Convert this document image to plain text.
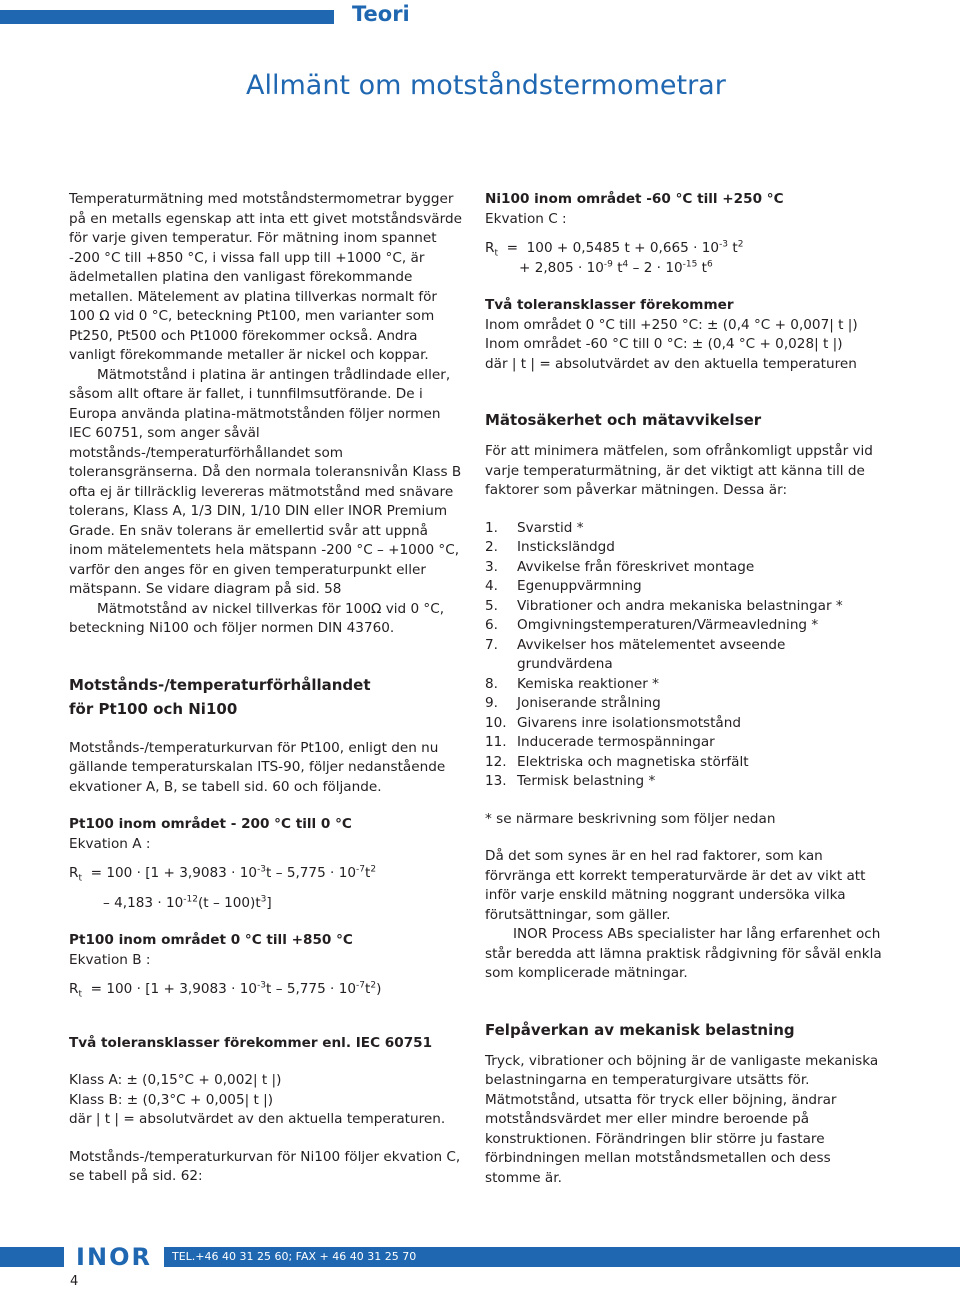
Teori
Allmänt om motståndstermometrar

Temperaturmätning med motståndstermometrar bygger på en metalls egenskap att inta ett givet motståndsvärde för varje given temperatur. För mätning inom spannet -200 °C till +850 °C, i vissa fall upp till +1000 °C, är ädelmetallen platina den vanligast förekommande metallen. Mätelement av platina tillverkas normalt för 100 Ω vid 0 °C, beteckning Pt100, men varianter som Pt250, Pt500 och Pt1000 förekommer också. Andra vanligt förekommande metaller är nickel och koppar.

Mätmotstånd i platina är antingen trådlindade eller, såsom allt oftare är fallet, i tunnfilmsutförande. De i Europa använda platina-mätmotstånden följer normen IEC 60751, som anger såväl motstånds-/temperaturförhållandet som toleransgränserna. Då den normala toleransnivån Klass B ofta ej är tillräcklig levereras mätmotstånd med snävare tolerans, Klass A, 1/3 DIN, 1/10 DIN eller INOR Premium Grade. En snäv tolerans är emellertid svår att uppnå inom mätelementets hela mätspann -200 °C – +1000 °C, varför den anges för en given temperaturpunkt eller mätspann. Se vidare diagram på sid. 58

Mätmotstånd av nickel tillverkas för 100Ω vid 0 °C, beteckning Ni100 och följer normen DIN 43760.

Motstånds-/temperaturförhållandet

för Pt100 och Ni100

Motstånds-/temperaturkurvan för Pt100, enligt den nu gällande temperaturskalan ITS-90, följer nedanstående ekvationer A, B, se tabell sid. 60 och följande.

Pt100 inom området - 200 °C till 0 °C

Ekvation A :

$R_t = 100 \cdot [1 + 3,9083 \cdot 10^{-3}t - 5,775 \cdot 10^{-7}t^2$

– $4,183 \cdot 10^{-12}(t - 100)t^3$]

Pt100 inom området 0 °C till +850 °C

Ekvation B :

$R_t = 100 \cdot [1 + 3,9083 \cdot 10^{-3}t - 5,775 \cdot 10^{-7}t^2)$

Två toleransklasser förekommer enl. IEC 60751

Klass A: ± (0,15°C + 0,002| t |)

Klass B: ± (0,3°C + 0,005| t |)

där | t | = absolutvärdet av den aktuella temperaturen.

Motstånds-/temperaturkurvan för Ni100 följer ekvation C, se tabell på sid. 62:

Ni100 inom området -60 °C till +250 °C

Ekvation C :

$R_t = 100 + 0,5485$ $t + 0,665 \cdot 10^{-3}$ $t^2$

+ $2,805 \cdot 10^{-9}$ $t^4 - 2 \cdot 10^{-15}$ $t^6$

Två toleransklasser förekommer

Inom området 0 °C till +250 °C: ± (0,4 °C + 0,007| t |)

Inom området -60 °C till 0 °C: ± (0,4 °C + 0,028| t |)

där | t | = absolutvärdet av den aktuella temperaturen

Mätosäkerhet och mätavvikelser

För att minimera mätfelen, som ofrånkomligt uppstår vid varje temperaturmätning, är det viktigt att känna till de faktorer som påverkar mätningen. Dessa är:

1.	Svarstid *
2.	Insticksländgd
3.	Avvikelse från föreskrivet montage
4.	Egenuppvärmning
5.	Vibrationer och andra mekaniska belastningar *
6.	Omgivningstemperaturen/Värmeavledning *
7.	Avvikelser hos mätelementet avseende grundvärdena
8.	Kemiska reaktioner *
9.	Joniserande strålning
10. Givarens inre isolationsmotstånd
11. Inducerade termospänningar
12. Elektriska och magnetiska störfält
13. Termisk belastning *

* se närmare beskrivning som följer nedan

Då det som synes är en hel rad faktorer, som kan förvränga ett korrekt temperaturvärde är det av vikt att inför varje enskild mätning noggrant undersöka vilka förutsättningar, som gäller.

INOR Process ABs specialister har lång erfarenhet och står beredda att lämna praktisk rådgivning för såväl enkla som komplicerade mätningar.

Felpåverkan av mekanisk belastning

Tryck, vibrationer och böjning är de vanligaste mekaniska belastningarna en temperaturgivare utsätts för. Mätmotstånd, utsatta för tryck eller böjning, ändrar motståndsvärdet mer eller mindre beroende på konstruktionen. Förändringen blir större ju fastare förbindningen mellan motståndsmetallen och dess stomme är.

INOR TEL.+46 40 31 25 60; FAX + 46 40 31 25 70
4
